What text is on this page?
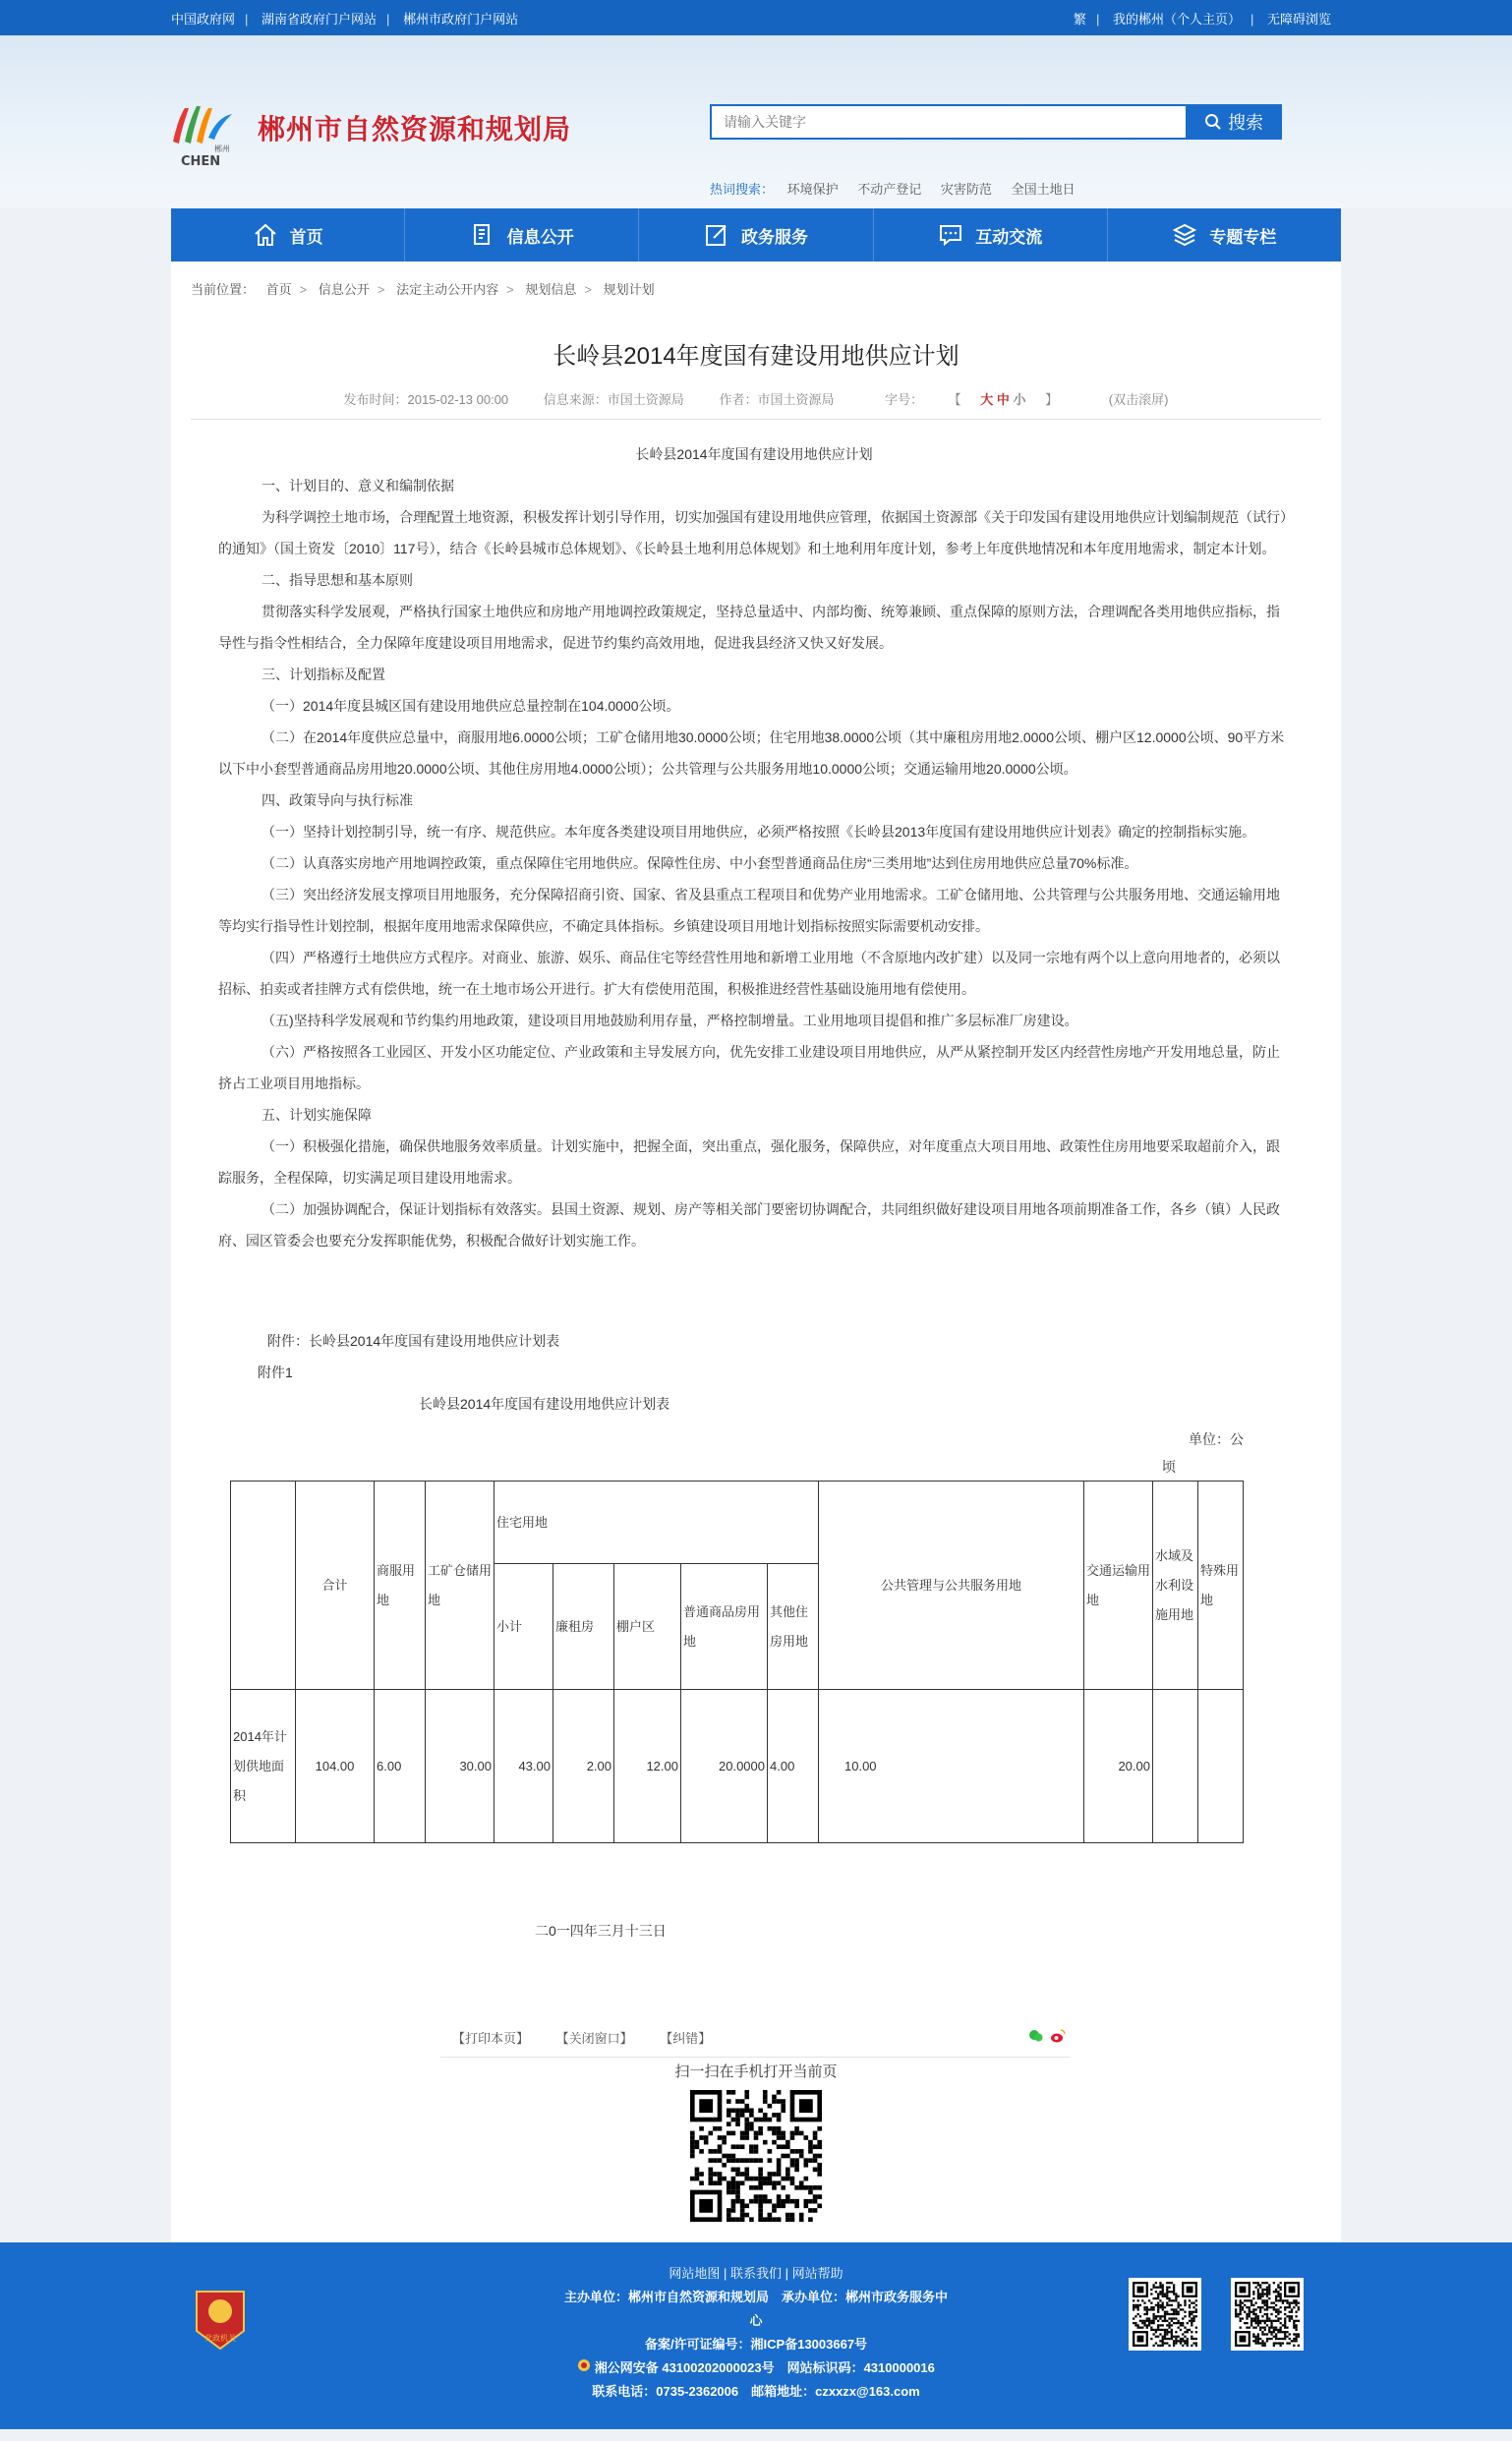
中国政府网 | 湖南省政府门户网站 | 郴州市政府门户网站	繁 | 我的郴州（个人主页） | 无障碍浏览
郴州
CHEN
郴州市自然资源和规划局
请输入关键字	搜索
热词搜索： 环境保护 不动产登记 灾害防范 全国土地日
首页	信息公开	政务服务	互动交流	专题专栏
当前位置： 首页 > 信息公开 > 法定主动公开内容 > 规划信息 > 规划计划
长岭县2014年度国有建设用地供应计划
发布时间：2015-02-13 00:00	信息来源：市国土资源局	作者：市国土资源局	字号： 【 大 中 小 】	(双击滚屏)

长岭县2014年度国有建设用地供应计划

一、计划目的、意义和编制依据

为科学调控土地市场，合理配置土地资源，积极发挥计划引导作用，切实加强国有建设用地供应管理，依据国土资源部《关于印发国有建设用地供应计划编制规范（试行）的通知》（国土资发〔2010〕117号），结合《长岭县城市总体规划》、《长岭县土地利用总体规划》和土地利用年度计划，参考上年度供地情况和本年度用地需求，制定本计划。

二、指导思想和基本原则

贯彻落实科学发展观，严格执行国家土地供应和房地产用地调控政策规定，坚持总量适中、内部均衡、统筹兼顾、重点保障的原则方法，合理调配各类用地供应指标，指导性与指令性相结合，全力保障年度建设项目用地需求，促进节约集约高效用地，促进我县经济又快又好发展。

三、计划指标及配置

（一）2014年度县城区国有建设用地供应总量控制在104.0000公顷。

（二）在2014年度供应总量中，商服用地6.0000公顷；工矿仓储用地30.0000公顷；住宅用地38.0000公顷（其中廉租房用地2.0000公顷、棚户区12.0000公顷、90平方米以下中小套型普通商品房用地20.0000公顷、其他住房用地4.0000公顷）；公共管理与公共服务用地10.0000公顷；交通运输用地20.0000公顷。

四、政策导向与执行标准

（一）坚持计划控制引导，统一有序、规范供应。本年度各类建设项目用地供应，必须严格按照《长岭县2013年度国有建设用地供应计划表》确定的控制指标实施。

（二）认真落实房地产用地调控政策，重点保障住宅用地供应。保障性住房、中小套型普通商品住房“三类用地”达到住房用地供应总量70%标准。

（三）突出经济发展支撑项目用地服务，充分保障招商引资、国家、省及县重点工程项目和优势产业用地需求。工矿仓储用地、公共管理与公共服务用地、交通运输用地等均实行指导性计划控制，根据年度用地需求保障供应，不确定具体指标。乡镇建设项目用地计划指标按照实际需要机动安排。

（四）严格遵行土地供应方式程序。对商业、旅游、娱乐、商品住宅等经营性用地和新增工业用地（不含原地内改扩建）以及同一宗地有两个以上意向用地者的，必须以招标、拍卖或者挂牌方式有偿供地，统一在土地市场公开进行。扩大有偿使用范围，积极推进经营性基础设施用地有偿使用。

（五)坚持科学发展观和节约集约用地政策，建设项目用地鼓励利用存量，严格控制增量。工业用地项目提倡和推广多层标准厂房建设。

（六）严格按照各工业园区、开发小区功能定位、产业政策和主导发展方向，优先安排工业建设项目用地供应，从严从紧控制开发区内经营性房地产开发用地总量，防止挤占工业项目用地指标。

五、计划实施保障

（一）积极强化措施，确保供地服务效率质量。计划实施中，把握全面，突出重点，强化服务，保障供应，对年度重点大项目用地、政策性住房用地要采取超前介入，跟踪服务，全程保障，切实满足项目建设用地需求。

（二）加强协调配合，保证计划指标有效落实。县国土资源、规划、房产等相关部门要密切协调配合，共同组织做好建设项目用地各项前期准备工作，各乡（镇）人民政府、园区管委会也要充分发挥职能优势，积极配合做好计划实施工作。

附件：长岭县2014年度国有建设用地供应计划表
附件1
长岭县2014年度国有建设用地供应计划表
单位：公
顷
	合计	商服用地	工矿仓储用地	住宅用地					公共管理与公共服务用地	交通运输用地	水域及水利设施用地	特殊用地
				小计	廉租房	棚户区	普通商品房用地	其他住房用地				
2014年计划供地面积	104.00	6.00	30.00	43.00	2.00	12.00	20.0000	4.00	10.00	20.00		
二0一四年三月十三日
【打印本页】 【关闭窗口】 【纠错】
扫一扫在手机打开当前页
党政机关
网站地图 | 联系我们 | 网站帮助
主办单位：郴州市自然资源和规划局　承办单位：郴州市政务服务中
心
备案/许可证编号：湘ICP备13003667号
湘公网安备 43100202000023号　网站标识码：4310000016
联系电话：0735-2362006　邮箱地址：czxxzx@163.com
